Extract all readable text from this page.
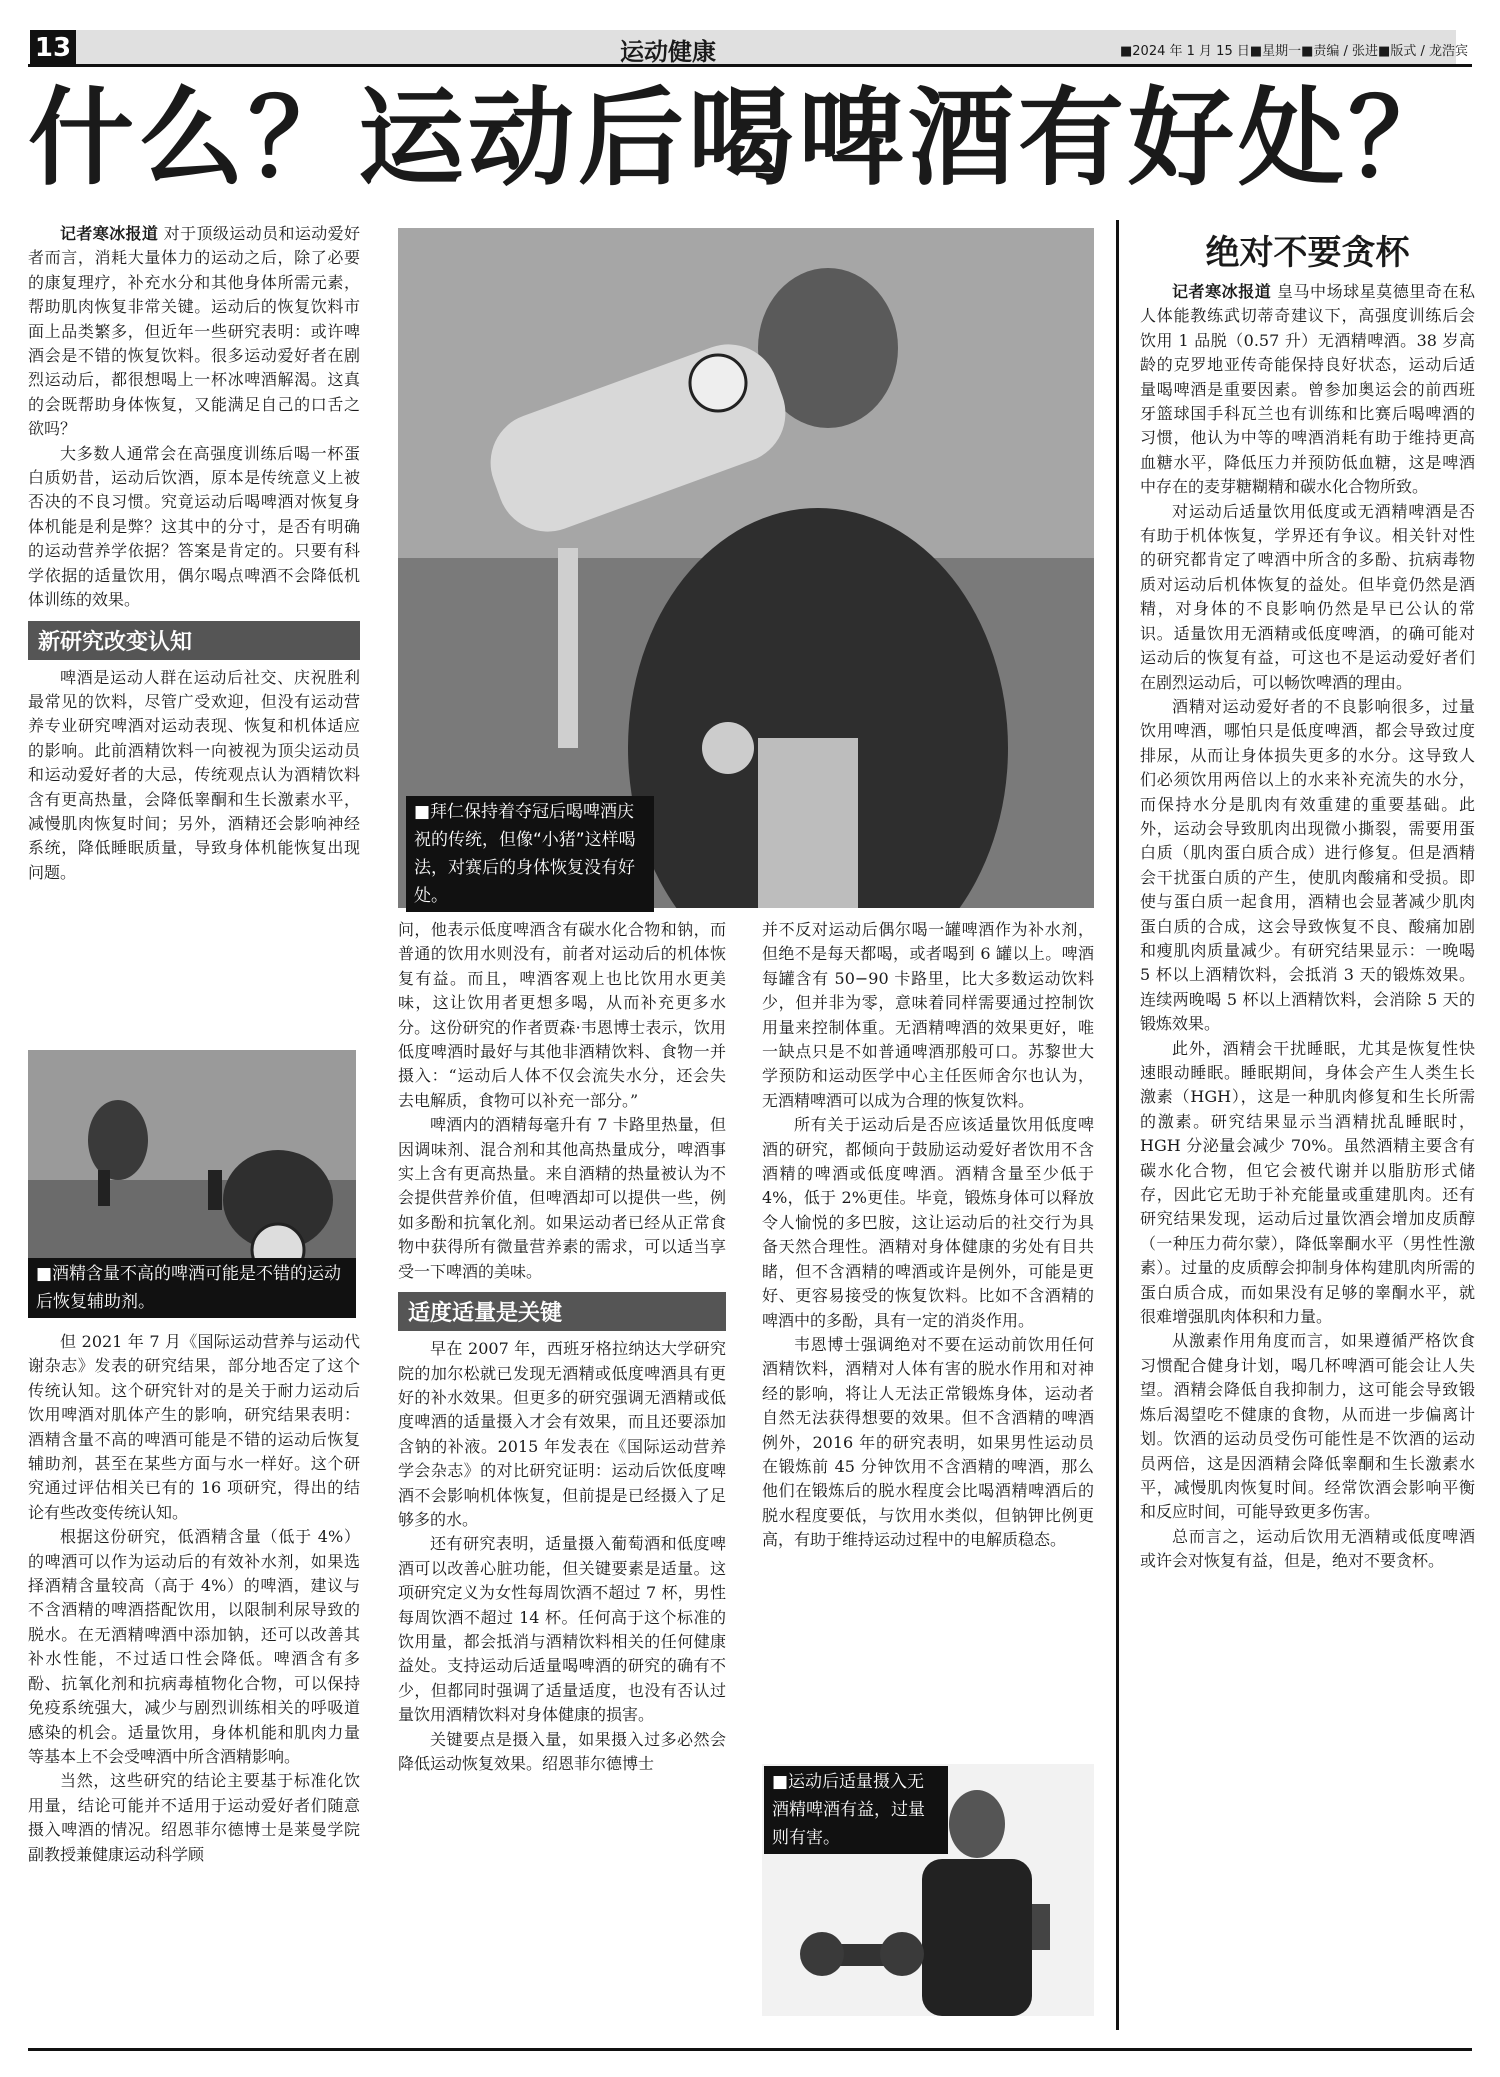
13	运动健康	■2024 年 1 月 15 日■星期一■责编 / 张进■版式 / 龙浩宾
什么？运动后喝啤酒有好处？

记者寒冰报道 对于顶级运动员和运动爱好者而言，消耗大量体力的运动之后，除了必要的康复理疗，补充水分和其他身体所需元素，帮助肌肉恢复非常关键。运动后的恢复饮料市面上品类繁多，但近年一些研究表明：或许啤酒会是不错的恢复饮料。很多运动爱好者在剧烈运动后，都很想喝上一杯冰啤酒解渴。这真的会既帮助身体恢复，又能满足自己的口舌之欲吗？

大多数人通常会在高强度训练后喝一杯蛋白质奶昔，运动后饮酒，原本是传统意义上被否决的不良习惯。究竟运动后喝啤酒对恢复身体机能是利是弊？这其中的分寸，是否有明确的运动营养学依据？答案是肯定的。只要有科学依据的适量饮用，偶尔喝点啤酒不会降低机体训练的效果。

新研究改变认知

啤酒是运动人群在运动后社交、庆祝胜利最常见的饮料，尽管广受欢迎，但没有运动营养专业研究啤酒对运动表现、恢复和机体适应的影响。此前酒精饮料一向被视为顶尖运动员和运动爱好者的大忌，传统观点认为酒精饮料含有更高热量，会降低睾酮和生长激素水平，减慢肌肉恢复时间；另外，酒精还会影响神经系统，降低睡眠质量，导致身体机能恢复出现问题。

■酒精含量不高的啤酒可能是不错的运动后恢复辅助剂。

但 2021 年 7 月《国际运动营养与运动代谢杂志》发表的研究结果，部分地否定了这个传统认知。这个研究针对的是关于耐力运动后饮用啤酒对肌体产生的影响，研究结果表明：酒精含量不高的啤酒可能是不错的运动后恢复辅助剂，甚至在某些方面与水一样好。这个研究通过评估相关已有的 16 项研究，得出的结论有些改变传统认知。

根据这份研究，低酒精含量（低于 4%）的啤酒可以作为运动后的有效补水剂，如果选择酒精含量较高（高于 4%）的啤酒，建议与不含酒精的啤酒搭配饮用，以限制利尿导致的脱水。在无酒精啤酒中添加钠，还可以改善其补水性能，不过适口性会降低。啤酒含有多酚、抗氧化剂和抗病毒植物化合物，可以保持免疫系统强大，减少与剧烈训练相关的呼吸道感染的机会。适量饮用，身体机能和肌肉力量等基本上不会受啤酒中所含酒精影响。

当然，这些研究的结论主要基于标准化饮用量，结论可能并不适用于运动爱好者们随意摄入啤酒的情况。绍恩菲尔德博士是莱曼学院副教授兼健康运动科学顾

■拜仁保持着夺冠后喝啤酒庆祝的传统，但像“小猪”这样喝法，对赛后的身体恢复没有好处。

问，他表示低度啤酒含有碳水化合物和钠，而普通的饮用水则没有，前者对运动后的机体恢复有益。而且，啤酒客观上也比饮用水更美味，这让饮用者更想多喝，从而补充更多水分。这份研究的作者贾森·韦恩博士表示，饮用低度啤酒时最好与其他非酒精饮料、食物一并摄入：“运动后人体不仅会流失水分，还会失去电解质，食物可以补充一部分。”

啤酒内的酒精每毫升有 7 卡路里热量，但因调味剂、混合剂和其他高热量成分，啤酒事实上含有更高热量。来自酒精的热量被认为不会提供营养价值，但啤酒却可以提供一些，例如多酚和抗氧化剂。如果运动者已经从正常食物中获得所有微量营养素的需求，可以适当享受一下啤酒的美味。

适度适量是关键

早在 2007 年，西班牙格拉纳达大学研究院的加尔松就已发现无酒精或低度啤酒具有更好的补水效果。但更多的研究强调无酒精或低度啤酒的适量摄入才会有效果，而且还要添加含钠的补液。2015 年发表在《国际运动营养学会杂志》的对比研究证明：运动后饮低度啤酒不会影响机体恢复，但前提是已经摄入了足够多的水。

还有研究表明，适量摄入葡萄酒和低度啤酒可以改善心脏功能，但关键要素是适量。这项研究定义为女性每周饮酒不超过 7 杯，男性每周饮酒不超过 14 杯。任何高于这个标准的饮用量，都会抵消与酒精饮料相关的任何健康益处。支持运动后适量喝啤酒的研究的确有不少，但都同时强调了适量适度，也没有否认过量饮用酒精饮料对身体健康的损害。

关键要点是摄入量，如果摄入过多必然会降低运动恢复效果。绍恩菲尔德博士

并不反对运动后偶尔喝一罐啤酒作为补水剂，但绝不是每天都喝，或者喝到 6 罐以上。啤酒每罐含有 50−90 卡路里，比大多数运动饮料少，但并非为零，意味着同样需要通过控制饮用量来控制体重。无酒精啤酒的效果更好，唯一缺点只是不如普通啤酒那般可口。苏黎世大学预防和运动医学中心主任医师舍尔也认为，无酒精啤酒可以成为合理的恢复饮料。

所有关于运动后是否应该适量饮用低度啤酒的研究，都倾向于鼓励运动爱好者饮用不含酒精的啤酒或低度啤酒。酒精含量至少低于 4%，低于 2%更佳。毕竟，锻炼身体可以释放令人愉悦的多巴胺，这让运动后的社交行为具备天然合理性。酒精对身体健康的劣处有目共睹，但不含酒精的啤酒或许是例外，可能是更好、更容易接受的恢复饮料。比如不含酒精的啤酒中的多酚，具有一定的消炎作用。

韦恩博士强调绝对不要在运动前饮用任何酒精饮料，酒精对人体有害的脱水作用和对神经的影响，将让人无法正常锻炼身体，运动者自然无法获得想要的效果。但不含酒精的啤酒例外，2016 年的研究表明，如果男性运动员在锻炼前 45 分钟饮用不含酒精的啤酒，那么他们在锻炼后的脱水程度会比喝酒精啤酒后的脱水程度要低，与饮用水类似，但钠钾比例更高，有助于维持运动过程中的电解质稳态。

■运动后适量摄入无酒精啤酒有益，过量则有害。
绝对不要贪杯

记者寒冰报道 皇马中场球星莫德里奇在私人体能教练武切蒂奇建议下，高强度训练后会饮用 1 品脱（0.57 升）无酒精啤酒。38 岁高龄的克罗地亚传奇能保持良好状态，运动后适量喝啤酒是重要因素。曾参加奥运会的前西班牙篮球国手科瓦兰也有训练和比赛后喝啤酒的习惯，他认为中等的啤酒消耗有助于维持更高血糖水平，降低压力并预防低血糖，这是啤酒中存在的麦芽糖糊精和碳水化合物所致。

对运动后适量饮用低度或无酒精啤酒是否有助于机体恢复，学界还有争议。相关针对性的研究都肯定了啤酒中所含的多酚、抗病毒物质对运动后机体恢复的益处。但毕竟仍然是酒精，对身体的不良影响仍然是早已公认的常识。适量饮用无酒精或低度啤酒，的确可能对运动后的恢复有益，可这也不是运动爱好者们在剧烈运动后，可以畅饮啤酒的理由。

酒精对运动爱好者的不良影响很多，过量饮用啤酒，哪怕只是低度啤酒，都会导致过度排尿，从而让身体损失更多的水分。这导致人们必须饮用两倍以上的水来补充流失的水分，而保持水分是肌肉有效重建的重要基础。此外，运动会导致肌肉出现微小撕裂，需要用蛋白质（肌肉蛋白质合成）进行修复。但是酒精会干扰蛋白质的产生，使肌肉酸痛和受损。即使与蛋白质一起食用，酒精也会显著减少肌肉蛋白质的合成，这会导致恢复不良、酸痛加剧和瘦肌肉质量减少。有研究结果显示：一晚喝 5 杯以上酒精饮料，会抵消 3 天的锻炼效果。连续两晚喝 5 杯以上酒精饮料，会消除 5 天的锻炼效果。

此外，酒精会干扰睡眠，尤其是恢复性快速眼动睡眠。睡眠期间，身体会产生人类生长激素（HGH），这是一种肌肉修复和生长所需的激素。研究结果显示当酒精扰乱睡眠时，HGH 分泌量会减少 70%。虽然酒精主要含有碳水化合物，但它会被代谢并以脂肪形式储存，因此它无助于补充能量或重建肌肉。还有研究结果发现，运动后过量饮酒会增加皮质醇（一种压力荷尔蒙），降低睾酮水平（男性性激素）。过量的皮质醇会抑制身体构建肌肉所需的蛋白质合成，而如果没有足够的睾酮水平，就很难增强肌肉体积和力量。

从激素作用角度而言，如果遵循严格饮食习惯配合健身计划，喝几杯啤酒可能会让人失望。酒精会降低自我抑制力，这可能会导致锻炼后渴望吃不健康的食物，从而进一步偏离计划。饮酒的运动员受伤可能性是不饮酒的运动员两倍，这是因酒精会降低睾酮和生长激素水平，减慢肌肉恢复时间。经常饮酒会影响平衡和反应时间，可能导致更多伤害。

总而言之，运动后饮用无酒精或低度啤酒或许会对恢复有益，但是，绝对不要贪杯。
